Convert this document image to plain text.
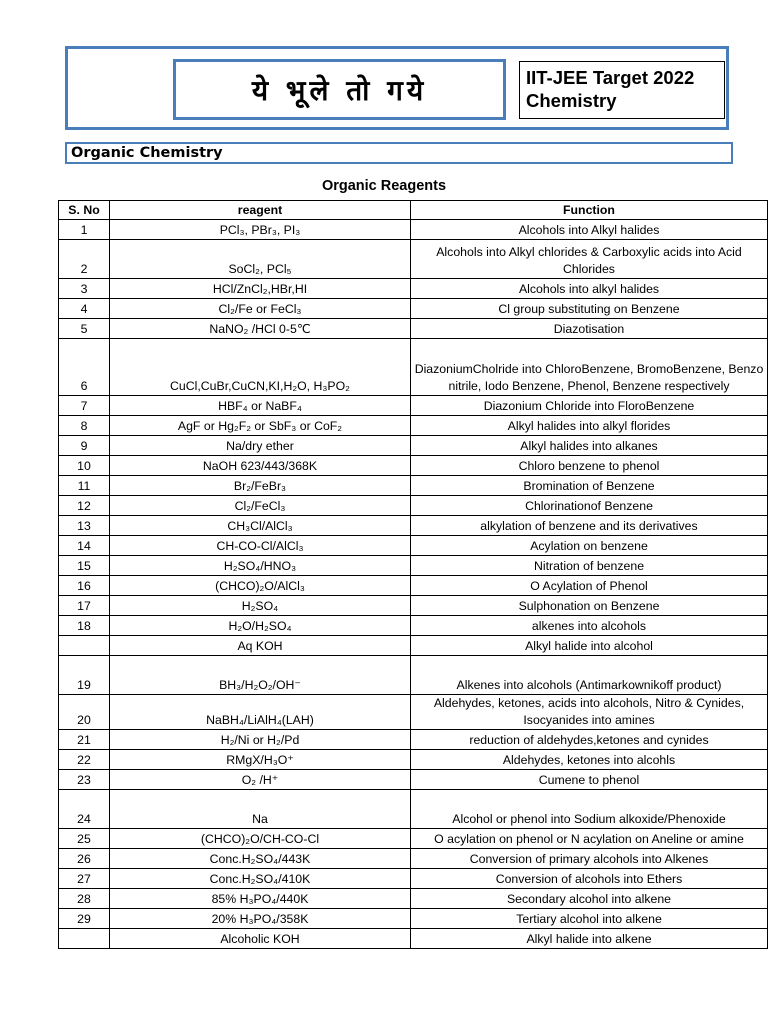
ये भूले तो गये	IIT-JEE Target 2022
Chemistry
Organic Chemistry
Organic Reagents
S. No	reagent	Function
1	PCl₃, PBr₃, PI₃	Alcohols into Alkyl halides
2	SoCl₂, PCl₅	Alcohols into Alkyl chlorides & Carboxylic acids into Acid Chlorides
3	HCl/ZnCl₂,HBr,HI	Alcohols into alkyl halides
4	Cl₂/Fe or FeCl₃	Cl group substituting on Benzene
5	NaNO₂ /HCl 0-5℃	Diazotisation
6	CuCl,CuBr,CuCN,KI,H₂O, H₃PO₂	DiazoniumCholride into ChloroBenzene, BromoBenzene, Benzo nitrile, Iodo Benzene, Phenol, Benzene respectively
7	HBF₄ or NaBF₄	Diazonium Chloride into FloroBenzene
8	AgF or Hg₂F₂ or SbF₃ or CoF₂	Alkyl halides into alkyl florides
9	Na/dry ether	Alkyl halides into alkanes
10	NaOH 623/443/368K	Chloro benzene to phenol
11	Br₂/FeBr₃	Bromination of Benzene
12	Cl₂/FeCl₃	Chlorinationof Benzene
13	CH₃Cl/AlCl₃	alkylation of benzene and its derivatives
14	CH-CO-Cl/AlCl₃	Acylation on benzene
15	H₂SO₄/HNO₃	Nitration of benzene
16	(CHCO)₂O/AlCl₃	O Acylation of Phenol
17	H₂SO₄	Sulphonation on Benzene
18	H₂O/H₂SO₄	alkenes into alcohols
	Aq KOH	Alkyl halide into alcohol
19	BH₃/H₂O₂/OH⁻	Alkenes into alcohols (Antimarkownikoff product)
20	NaBH₄/LiAlH₄(LAH)	Aldehydes, ketones, acids into alcohols, Nitro & Cynides, Isocyanides into amines
21	H₂/Ni or H₂/Pd	reduction of aldehydes,ketones and cynides
22	RMgX/H₃O⁺	Aldehydes, ketones into alcohls
23	O₂ /H⁺	Cumene to phenol
24	Na	Alcohol or phenol into Sodium alkoxide/Phenoxide
25	(CHCO)₂O/CH-CO-Cl	O acylation on phenol or N acylation on Aneline or amine
26	Conc.H₂SO₄/443K	Conversion of primary alcohols into Alkenes
27	Conc.H₂SO₄/410K	Conversion of alcohols into Ethers
28	85% H₃PO₄/440K	Secondary alcohol into alkene
29	20% H₃PO₄/358K	Tertiary alcohol into alkene
	Alcoholic KOH	Alkyl halide into alkene
